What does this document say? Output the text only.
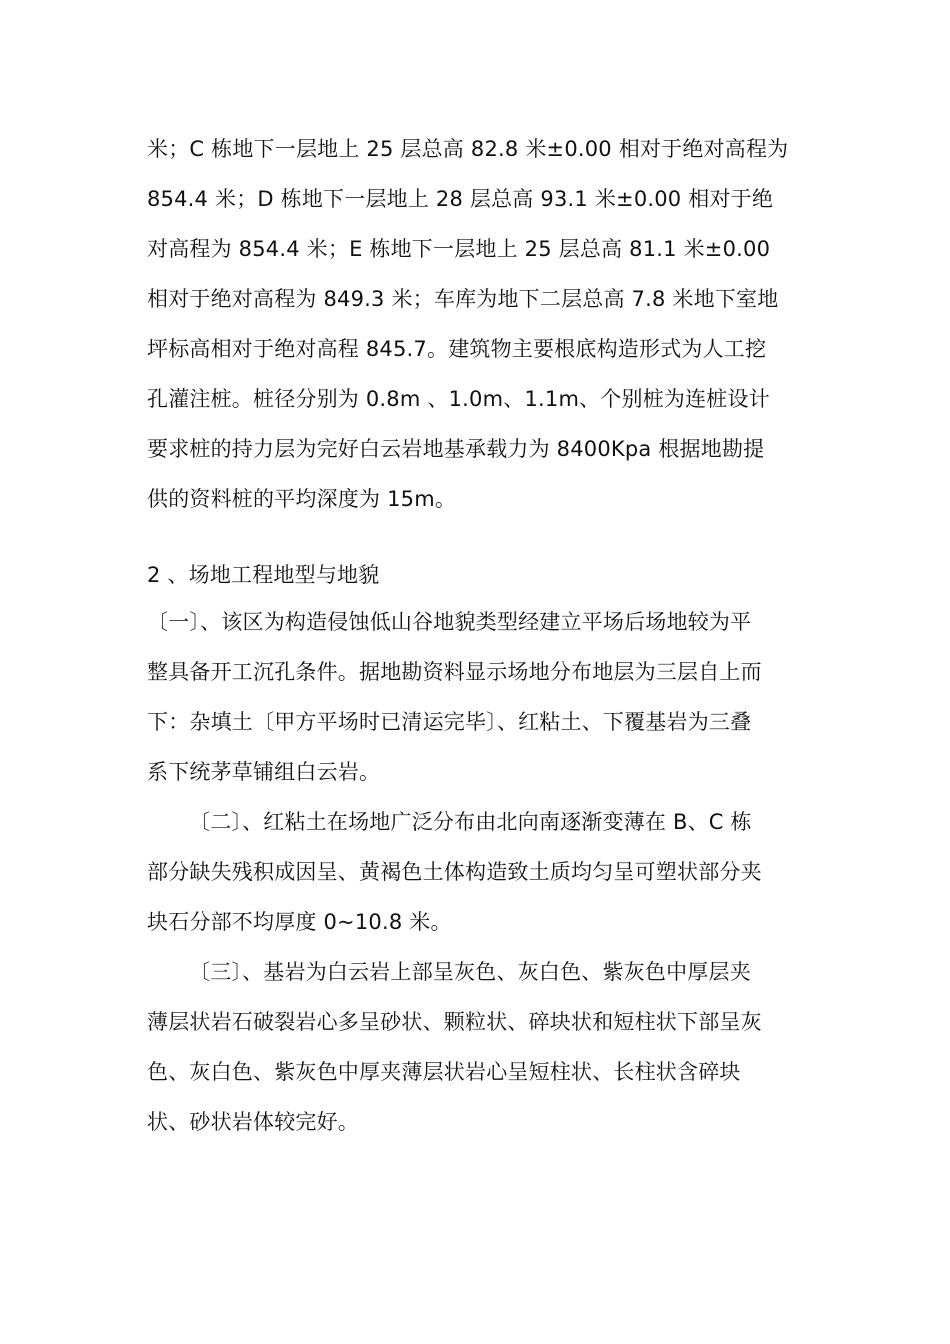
米；C 栋地下一层地上 25 层总高 82.8 米±0.00 相对于绝对高程为
854.4 米；D 栋地下一层地上 28 层总高 93.1 米±0.00 相对于绝
对高程为 854.4 米；E 栋地下一层地上 25 层总高 81.1 米±0.00
相对于绝对高程为 849.3 米；车库为地下二层总高 7.8 米地下室地
坪标高相对于绝对高程 845.7。建筑物主要根底构造形式为人工挖
孔灌注桩。桩径分别为 0.8m 、1.0m、1.1m、个别桩为连桩设计
要求桩的持力层为完好白云岩地基承载力为 8400Kpa 根据地勘提
供的资料桩的平均深度为 15m。
2 、场地工程地型与地貌
〔一〕、该区为构造侵蚀低山谷地貌类型经建立平场后场地较为平
整具备开工沉孔条件。据地勘资料显示场地分布地层为三层自上而
下：杂填土〔甲方平场时已清运完毕〕、红粘土、下覆基岩为三叠
系下统茅草铺组白云岩。
〔二〕、红粘土在场地广泛分布由北向南逐渐变薄在 B、C 栋
部分缺失残积成因呈、黄褐色土体构造致土质均匀呈可塑状部分夹
块石分部不均厚度 0~10.8 米。
〔三〕、基岩为白云岩上部呈灰色、灰白色、紫灰色中厚层夹
薄层状岩石破裂岩心多呈砂状、颗粒状、碎块状和短柱状下部呈灰
色、灰白色、紫灰色中厚夹薄层状岩心呈短柱状、长柱状含碎块
状、砂状岩体较完好。
